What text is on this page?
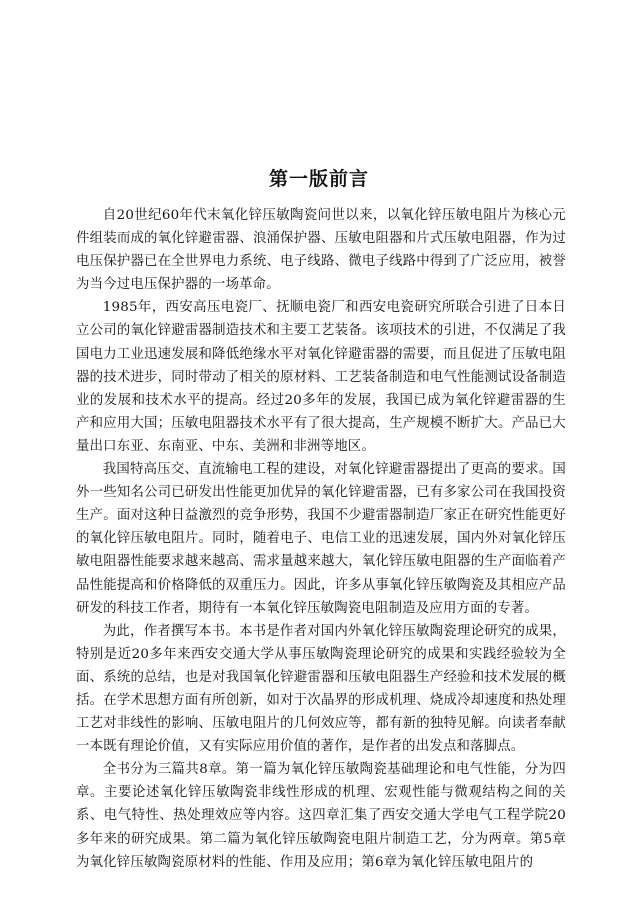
第一版前言

自20世纪60年代末氧化锌压敏陶瓷问世以来，以氧化锌压敏电阻片为核心元件组装而成的氧化锌避雷器、浪涌保护器、压敏电阻器和片式压敏电阻器，作为过电压保护器已在全世界电力系统、电子线路、微电子线路中得到了广泛应用，被誉为当今过电压保护器的一场革命。

1985年，西安高压电瓷厂、抚顺电瓷厂和西安电瓷研究所联合引进了日本日立公司的氧化锌避雷器制造技术和主要工艺装备。该项技术的引进，不仅满足了我国电力工业迅速发展和降低绝缘水平对氧化锌避雷器的需要，而且促进了压敏电阻器的技术进步，同时带动了相关的原材料、工艺装备制造和电气性能测试设备制造业的发展和技术水平的提高。经过20多年的发展，我国已成为氧化锌避雷器的生产和应用大国；压敏电阻器技术水平有了很大提高，生产规模不断扩大。产品已大量出口东亚、东南亚、中东、美洲和非洲等地区。

我国特高压交、直流输电工程的建设，对氧化锌避雷器提出了更高的要求。国外一些知名公司已研发出性能更加优异的氧化锌避雷器，已有多家公司在我国投资生产。面对这种日益激烈的竞争形势，我国不少避雷器制造厂家正在研究性能更好的氧化锌压敏电阻片。同时，随着电子、电信工业的迅速发展，国内外对氧化锌压敏电阻器性能要求越来越高、需求量越来越大，氧化锌压敏电阻器的生产面临着产品性能提高和价格降低的双重压力。因此，许多从事氧化锌压敏陶瓷及其相应产品研发的科技工作者，期待有一本氧化锌压敏陶瓷电阻制造及应用方面的专著。

为此，作者撰写本书。本书是作者对国内外氧化锌压敏陶瓷理论研究的成果，特别是近20多年来西安交通大学从事压敏陶瓷理论研究的成果和实践经验较为全面、系统的总结，也是对我国氧化锌避雷器和压敏电阻器生产经验和技术发展的概括。在学术思想方面有所创新，如对于次晶界的形成机理、烧成冷却速度和热处理工艺对非线性的影响、压敏电阻片的几何效应等，都有新的独特见解。向读者奉献一本既有理论价值，又有实际应用价值的著作，是作者的出发点和落脚点。

全书分为三篇共8章。第一篇为氧化锌压敏陶瓷基础理论和电气性能，分为四章。主要论述氧化锌压敏陶瓷非线性形成的机理、宏观性能与微观结构之间的关系、电气特性、热处理效应等内容。这四章汇集了西安交通大学电气工程学院20多年来的研究成果。第二篇为氧化锌压敏陶瓷电阻片制造工艺，分为两章。第5章为氧化锌压敏陶瓷原材料的性能、作用及应用；第6章为氧化锌压敏电阻片的
